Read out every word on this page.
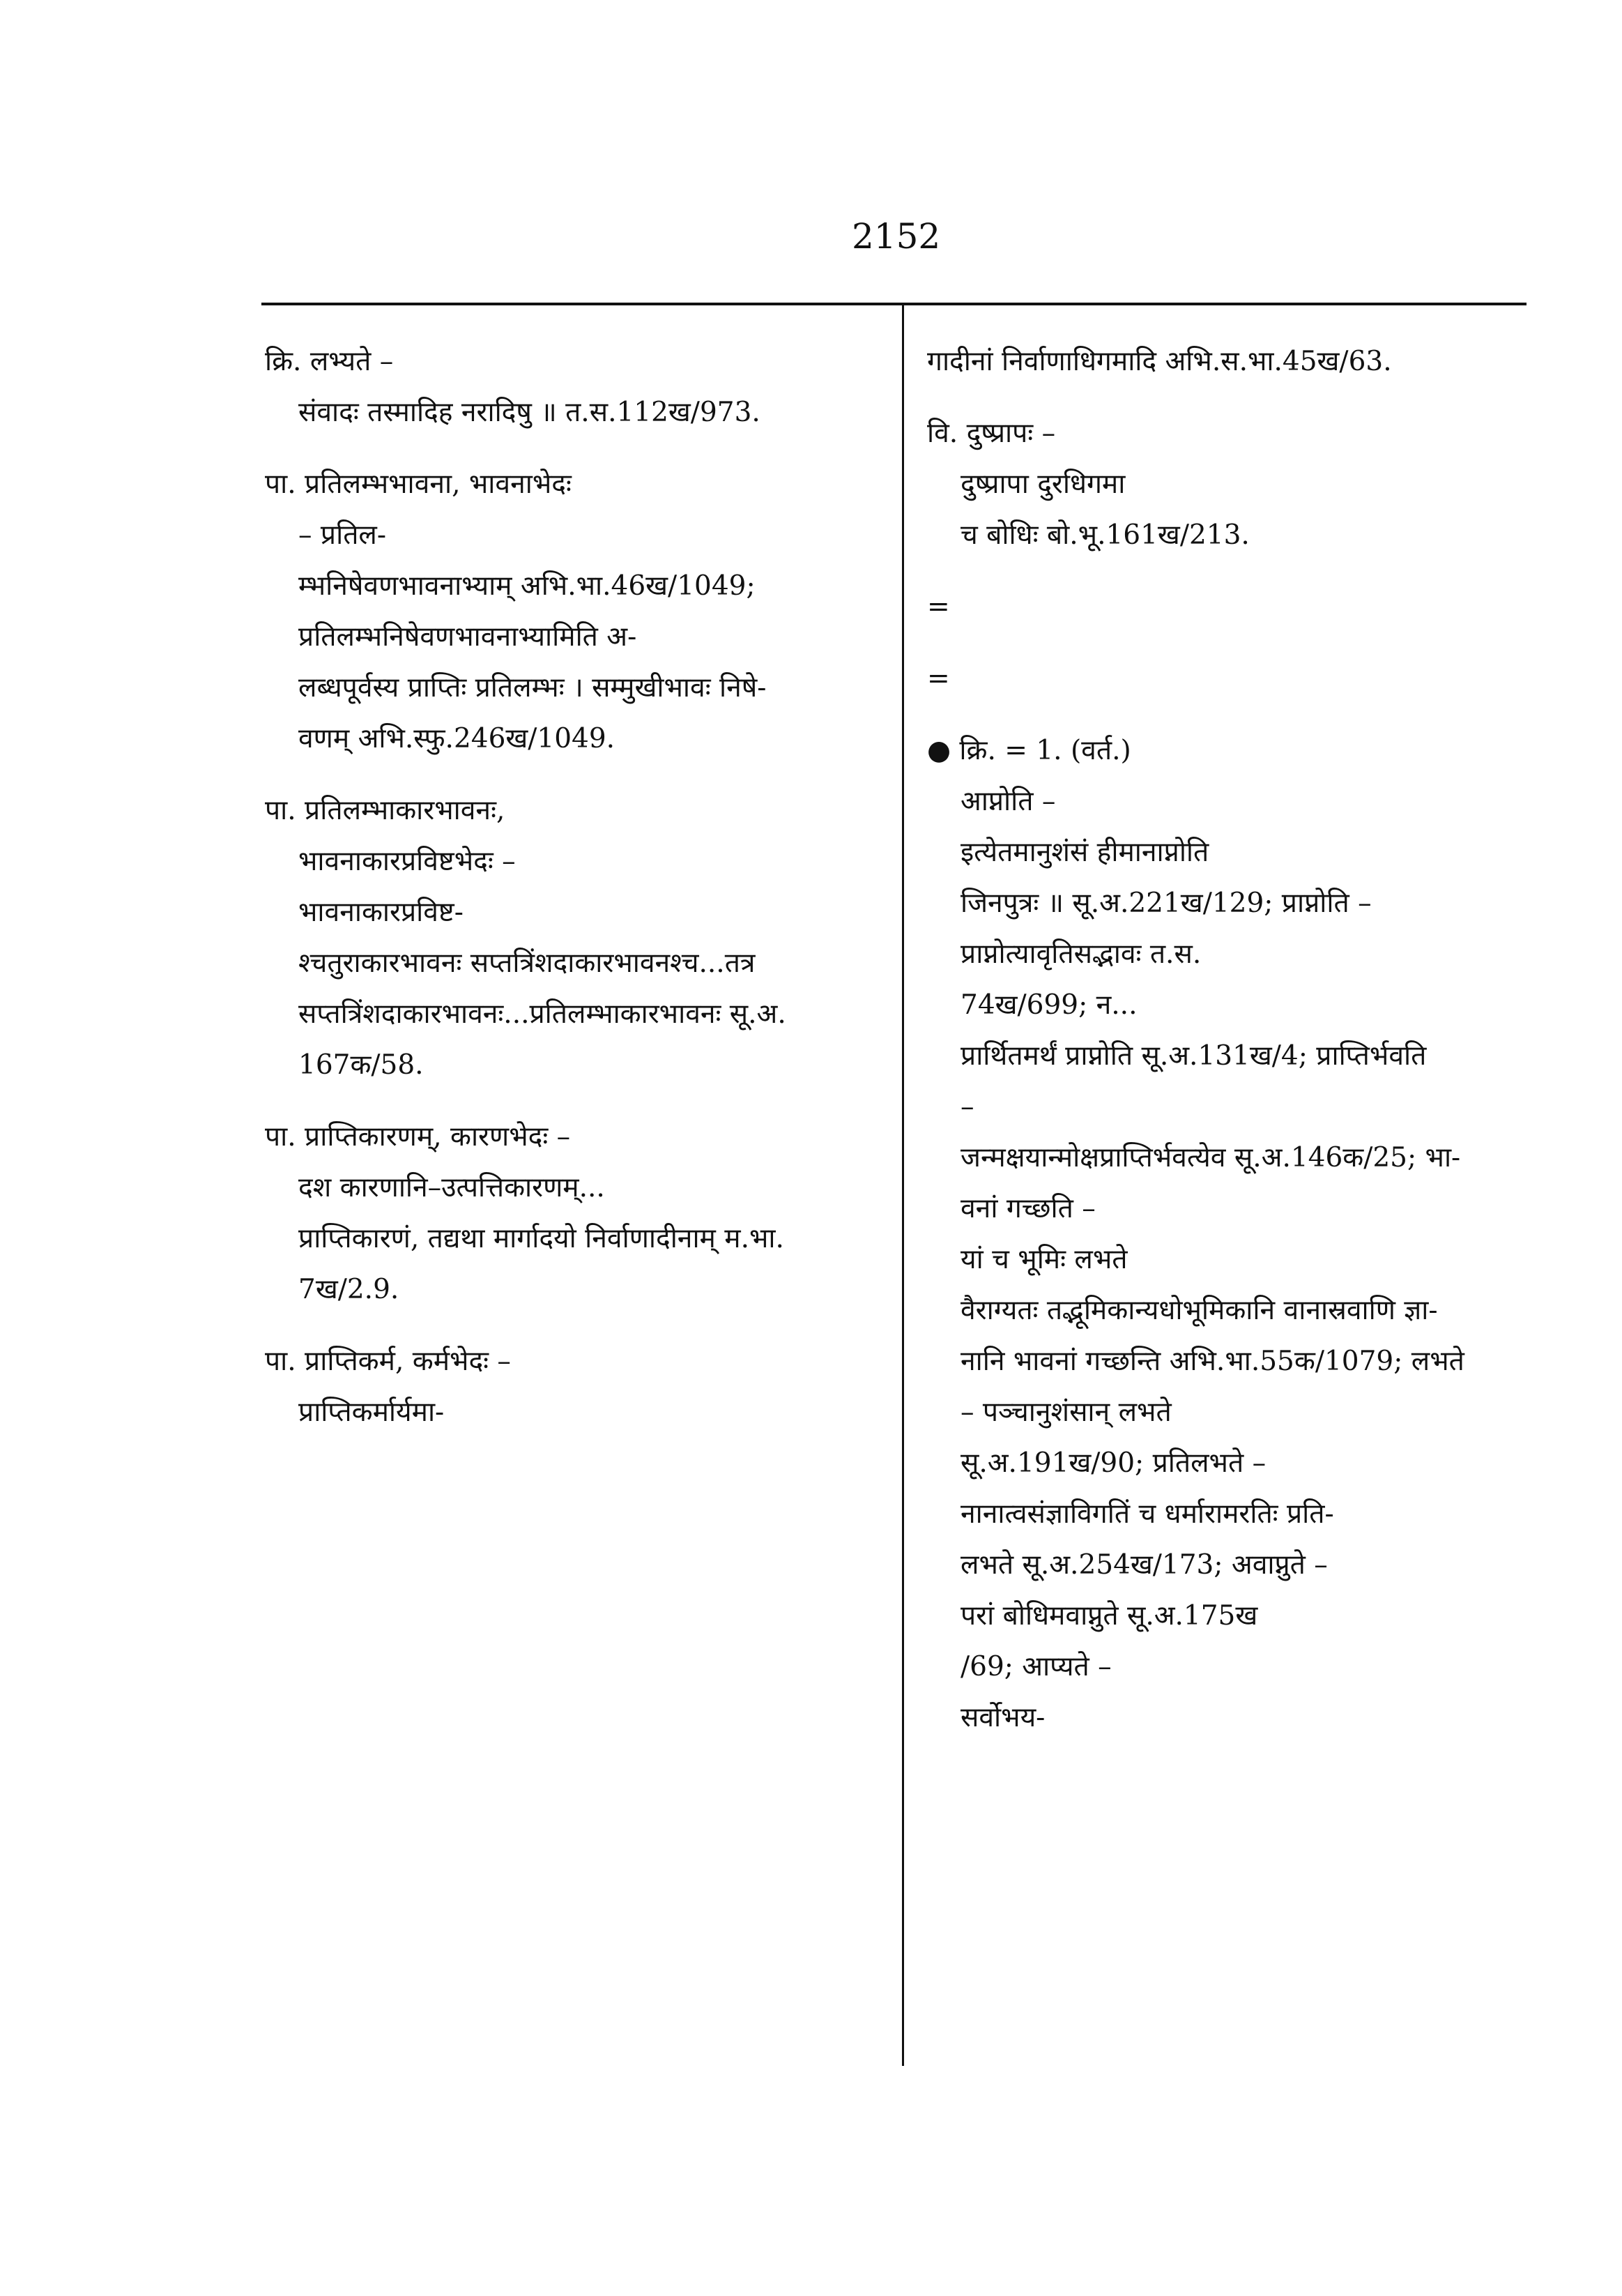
2152
क्रि. लभ्यते –
संवादः तस्मादिह नरादिषु ॥ त.स.112ख/973.
पा. प्रतिलम्भभावना, भावनाभेदः
– प्रतिल-
म्भनिषेवणभावनाभ्याम् अभि.भा.46ख/1049;
प्रतिलम्भनिषेवणभावनाभ्यामिति अ-
लब्धपूर्वस्य प्राप्तिः प्रतिलम्भः । सम्मुखीभावः निषे-
वणम् अभि.स्फु.246ख/1049.
पा. प्रतिलम्भाकारभावनः,
भावनाकारप्रविष्टभेदः –
भावनाकारप्रविष्ट-
श्चतुराकारभावनः सप्तत्रिंशदाकारभावनश्च...तत्र
सप्तत्रिंशदाकारभावनः...प्रतिलम्भाकारभावनः सू.अ.
167क/58.
पा. प्राप्तिकारणम्, कारणभेदः –
दश कारणानि–उत्पत्तिकारणम्...
प्राप्तिकारणं, तद्यथा मार्गादयो निर्वाणादीनाम् म.भा.
7ख/2.9.
पा. प्राप्तिकर्म, कर्मभेदः –
प्राप्तिकर्मार्यमा-
गादीनां निर्वाणाधिगमादि अभि.स.भा.45ख/63.
वि. दुष्प्रापः –
दुष्प्रापा दुरधिगमा
च बोधिः बो.भू.161ख/213.
=
=
● क्रि. = 1. (वर्त.)
आप्नोति –
इत्येतमानुशंसं हीमानाप्नोति
जिनपुत्रः ॥ सू.अ.221ख/129; प्राप्नोति –
प्राप्नोत्यावृतिसद्भावः त.स.
74ख/699; न...
प्रार्थितमर्थं प्राप्नोति सू.अ.131ख/4; प्राप्तिर्भवति
–
जन्मक्षयान्मोक्षप्राप्तिर्भवत्येव सू.अ.146क/25; भा-
वनां गच्छति –
यां च भूमिः लभते
वैराग्यतः तद्भूमिकान्यधोभूमिकानि वानास्रवाणि ज्ञा-
नानि भावनां गच्छन्ति अभि.भा.55क/1079; लभते
– पञ्चानुशंसान् लभते
सू.अ.191ख/90; प्रतिलभते –
नानात्वसंज्ञाविगतिं च धर्मारामरतिः प्रति-
लभते सू.अ.254ख/173; अवाप्नुते –
परां बोधिमवाप्नुते सू.अ.175ख
/69; आप्यते –
सर्वोभय-
